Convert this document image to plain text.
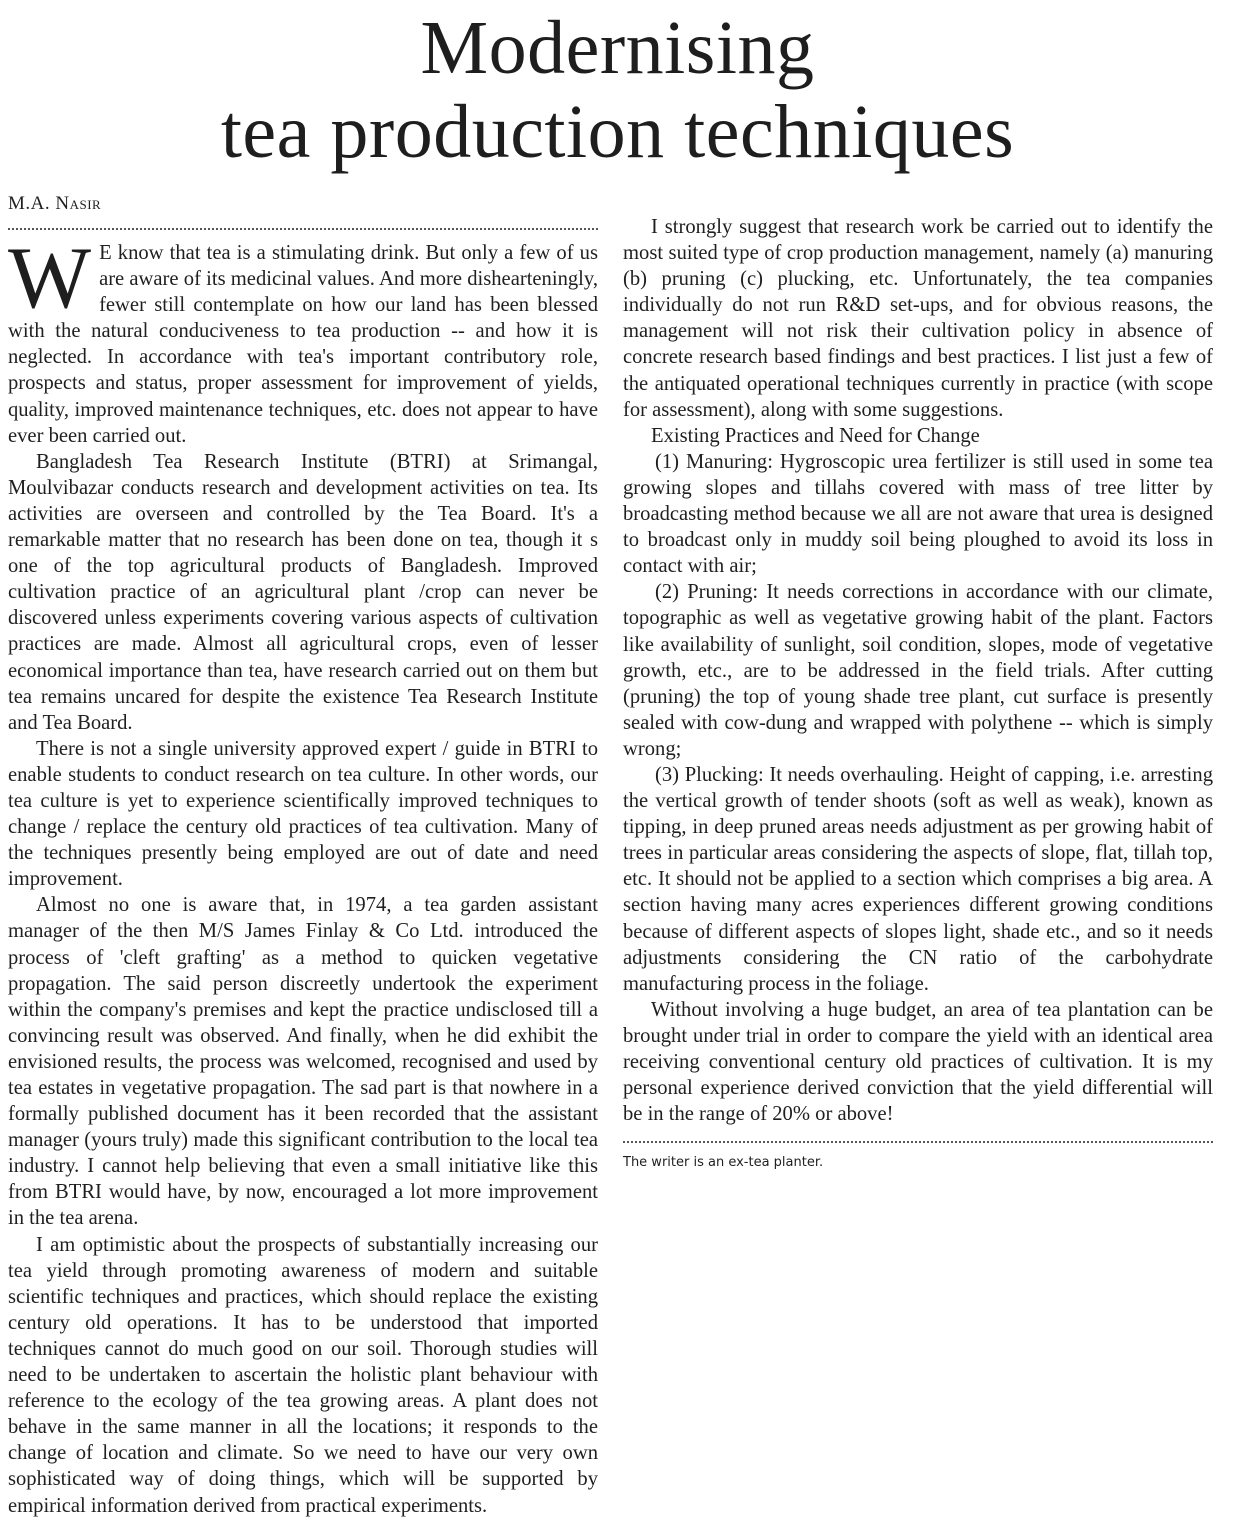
Modernising
tea production techniques
M.A. Nasir

W E know that tea is a stimulating drink. But only a few of us are aware of its medicinal values. And more dishearteningly, fewer still contemplate on how our land has been blessed with the natural conduciveness to tea production -- and how it is neglected. In accordance with tea's important contributory role, prospects and status, proper assessment for improvement of yields, quality, improved maintenance techniques, etc. does not appear to have ever been carried out.

Bangladesh Tea Research Institute (BTRI) at Srimangal, Moulvibazar conducts research and development activities on tea. Its activities are overseen and controlled by the Tea Board. It's a remarkable matter that no research has been done on tea, though it s one of the top agricultural products of Bangladesh. Improved cultivation practice of an agricultural plant /crop can never be discovered unless experiments covering various aspects of cultivation practices are made. Almost all agricultural crops, even of lesser economical importance than tea, have research carried out on them but tea remains uncared for despite the existence Tea Research Institute and Tea Board.

There is not a single university approved expert / guide in BTRI to enable students to conduct research on tea culture. In other words, our tea culture is yet to experience scientifically improved techniques to change / replace the century old practices of tea cultivation. Many of the techniques presently being employed are out of date and need improvement.

Almost no one is aware that, in 1974, a tea garden assistant manager of the then M/S James Finlay & Co Ltd. introduced the process of 'cleft grafting' as a method to quicken vegetative propagation. The said person discreetly undertook the experiment within the company's premises and kept the practice undisclosed till a convincing result was observed. And finally, when he did exhibit the envisioned results, the process was welcomed, recognised and used by tea estates in vegetative propagation. The sad part is that nowhere in a formally published document has it been recorded that the assistant manager (yours truly) made this significant contribution to the local tea industry. I cannot help believing that even a small initiative like this from BTRI would have, by now, encouraged a lot more improvement in the tea arena.

I am optimistic about the prospects of substantially increasing our tea yield through promoting awareness of modern and suitable scientific techniques and practices, which should replace the existing century old operations. It has to be understood that imported techniques cannot do much good on our soil. Thorough studies will need to be undertaken to ascertain the holistic plant behaviour with reference to the ecology of the tea growing areas. A plant does not behave in the same manner in all the locations; it responds to the change of location and climate. So we need to have our very own sophisticated way of doing things, which will be supported by empirical information derived from practical experiments.

I strongly suggest that research work be carried out to identify the most suited type of crop production management, namely (a) manuring (b) pruning (c) plucking, etc. Unfortunately, the tea companies individually do not run R&D set-ups, and for obvious reasons, the management will not risk their cultivation policy in absence of concrete research based findings and best practices. I list just a few of the antiquated operational techniques currently in practice (with scope for assessment), along with some suggestions.

Existing Practices and Need for Change

(1) Manuring: Hygroscopic urea fertilizer is still used in some tea growing slopes and tillahs covered with mass of tree litter by broadcasting method because we all are not aware that urea is designed to broadcast only in muddy soil being ploughed to avoid its loss in contact with air;

(2) Pruning: It needs corrections in accordance with our climate, topographic as well as vegetative growing habit of the plant. Factors like availability of sunlight, soil condition, slopes, mode of vegetative growth, etc., are to be addressed in the field trials. After cutting (pruning) the top of young shade tree plant, cut surface is presently sealed with cow-dung and wrapped with polythene -- which is simply wrong;

(3) Plucking: It needs overhauling. Height of capping, i.e. arresting the vertical growth of tender shoots (soft as well as weak), known as tipping, in deep pruned areas needs adjustment as per growing habit of trees in particular areas considering the aspects of slope, flat, tillah top, etc. It should not be applied to a section which comprises a big area. A section having many acres experiences different growing conditions because of different aspects of slopes light, shade etc., and so it needs adjustments considering the CN ratio of the carbohydrate manufacturing process in the foliage.

Without involving a huge budget, an area of tea plantation can be brought under trial in order to compare the yield with an identical area receiving conventional century old practices of cultivation. It is my personal experience derived conviction that the yield differential will be in the range of 20% or above!

The writer is an ex-tea planter.
